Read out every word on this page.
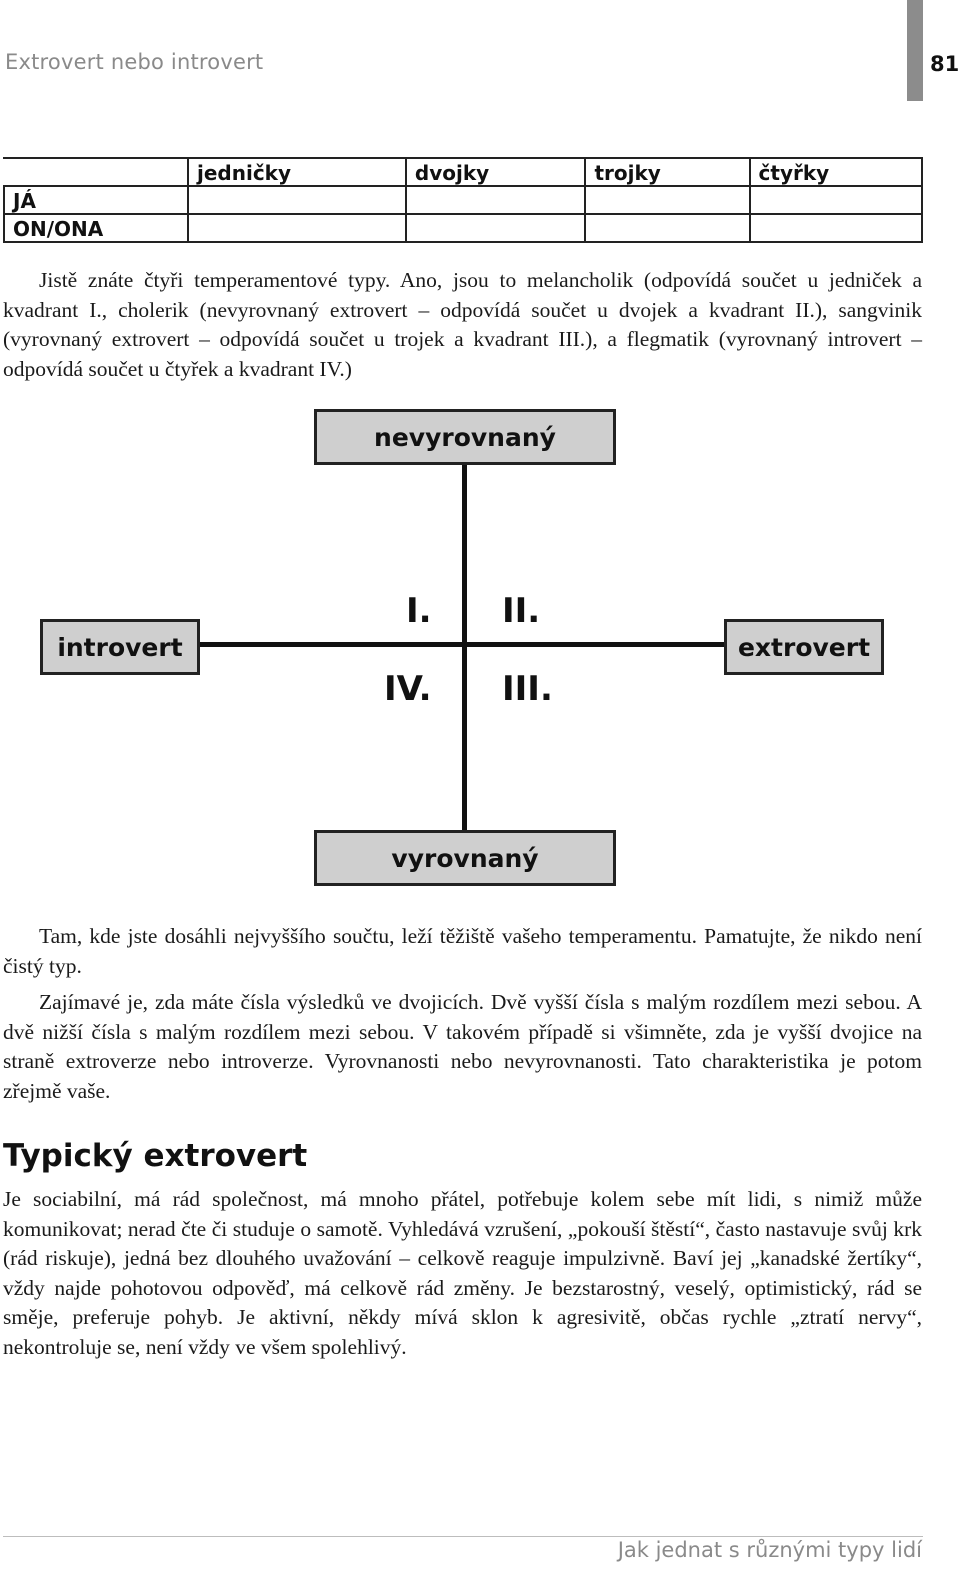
Extrovert nebo introvert	81
	jedničky	dvojky	trojky	čtyřky
JÁ				
ON/ONA				
Jistě znáte čtyři temperamentové typy. Ano, jsou to melancholik (odpovídá součet u jedniček a kvadrant I., cholerik (nevyrovnaný extrovert – odpovídá součet u dvojek a kvadrant II.), sangvinik (vyrovnaný extrovert – odpovídá součet u trojek a kvadrant III.), a flegmatik (vyrovnaný introvert – odpovídá součet u čtyřek a kvadrant IV.)
nevyrovnaný
vyrovnaný
introvert	extrovert
I. II.
III.
IV.
Tam, kde jste dosáhli nejvyššího součtu, leží těžiště vašeho temperamentu. Pamatujte, že nikdo není čistý typ.
Zajímavé je, zda máte čísla výsledků ve dvojicích. Dvě vyšší čísla s malým rozdílem mezi sebou. A dvě nižší čísla s malým rozdílem mezi sebou. V takovém případě si všimněte, zda je vyšší dvojice na straně extroverze nebo introverze. Vyrovnanosti nebo nevyrovnanosti. Tato charakteristika je potom zřejmě vaše.
Typický extrovert
Je sociabilní, má rád společnost, má mnoho přátel, potřebuje kolem sebe mít lidi, s nimiž může komunikovat; nerad čte či studuje o samotě. Vyhledává vzrušení, „pokouší štěstí“, často nastavuje svůj krk (rád riskuje), jedná bez dlouhého uvažování – celkově reaguje impulzivně. Baví jej „kanadské žertíky“, vždy najde pohotovou odpověď, má celkově rád změny. Je bezstarostný, veselý, optimistický, rád se směje, preferuje pohyb. Je aktivní, někdy mívá sklon k agresivitě, občas rychle „ztratí nervy“, nekontroluje se, není vždy ve všem spolehlivý.
Jak jednat s různými typy lidí
